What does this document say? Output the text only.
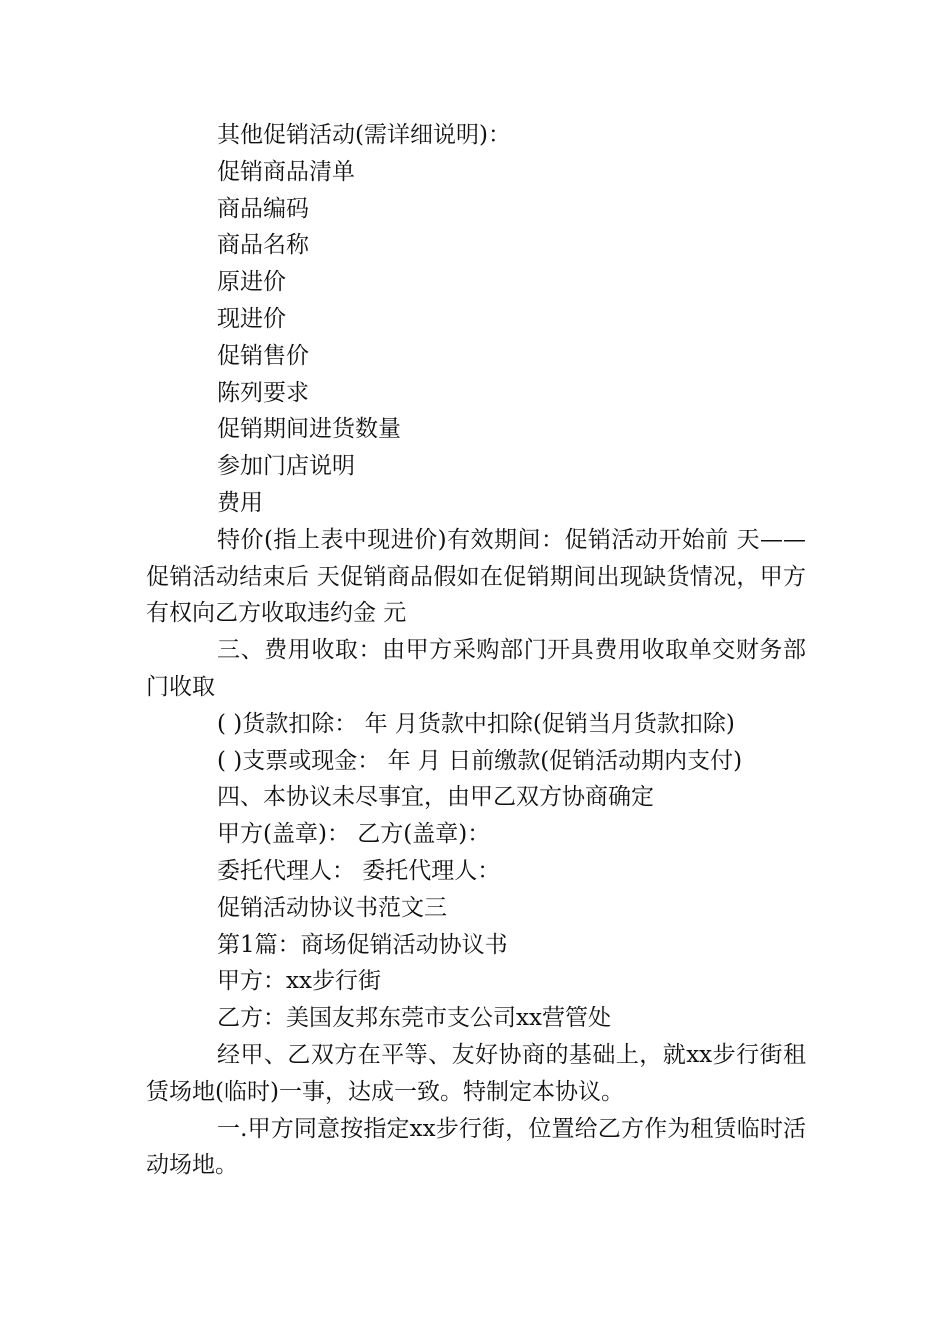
其他促销活动(需详细说明)：

促销商品清单

商品编码

商品名称

原进价

现进价

促销售价

陈列要求

促销期间进货数量

参加门店说明

费用

特价(指上表中现进价)有效期间：促销活动开始前 天——促销活动结束后 天促销商品假如在促销期间出现缺货情况，甲方有权向乙方收取违约金 元

三、费用收取：由甲方采购部门开具费用收取单交财务部门收取

( )货款扣除： 年 月货款中扣除(促销当月货款扣除)

( )支票或现金： 年 月 日前缴款(促销活动期内支付)

四、本协议未尽事宜，由甲乙双方协商确定

甲方(盖章)： 乙方(盖章)：

委托代理人： 委托代理人：

促销活动协议书范文三

第1篇：商场促销活动协议书

甲方：xx步行街

乙方：美国友邦东莞市支公司xx营管处

经甲、乙双方在平等、友好协商的基础上，就xx步行街租赁场地(临时)一事，达成一致。特制定本协议。

一.甲方同意按指定xx步行街，位置给乙方作为租赁临时活动场地。
